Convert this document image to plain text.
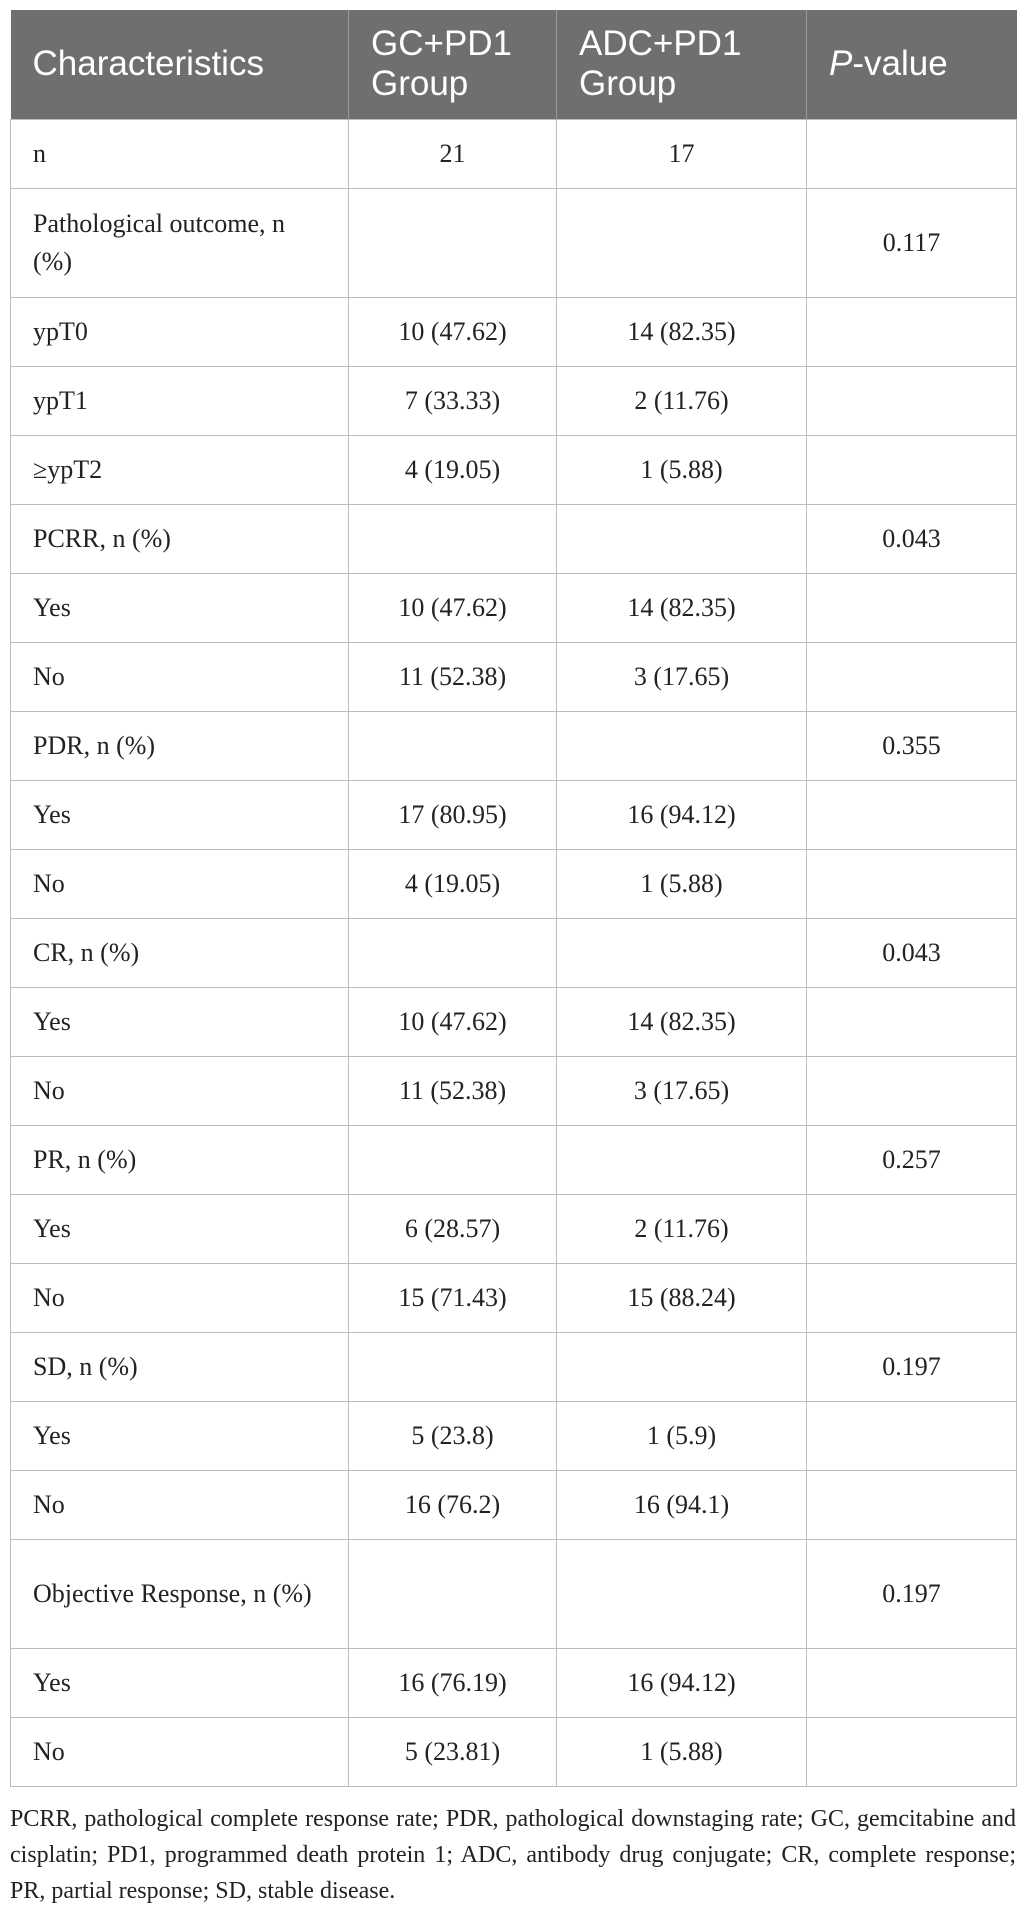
Characteristics	GC+PD1 Group	ADC+PD1 Group	P-value
n	21	17	
Pathological outcome, n (%)			0.117
ypT0	10 (47.62)	14 (82.35)	
ypT1	7 (33.33)	2 (11.76)	
≥ypT2	4 (19.05)	1 (5.88)	
PCRR, n (%)			0.043
Yes	10 (47.62)	14 (82.35)	
No	11 (52.38)	3 (17.65)	
PDR, n (%)			0.355
Yes	17 (80.95)	16 (94.12)	
No	4 (19.05)	1 (5.88)	
CR, n (%)			0.043
Yes	10 (47.62)	14 (82.35)	
No	11 (52.38)	3 (17.65)	
PR, n (%)			0.257
Yes	6 (28.57)	2 (11.76)	
No	15 (71.43)	15 (88.24)	
SD, n (%)			0.197
Yes	5 (23.8)	1 (5.9)	
No	16 (76.2)	16 (94.1)	
Objective Response, n (%)			0.197
Yes	16 (76.19)	16 (94.12)	
No	5 (23.81)	1 (5.88)	
PCRR, pathological complete response rate; PDR, pathological downstaging rate; GC, gemcitabine and cisplatin; PD1, programmed death protein 1; ADC, antibody drug conjugate; CR, complete response; PR, partial response; SD, stable disease.
